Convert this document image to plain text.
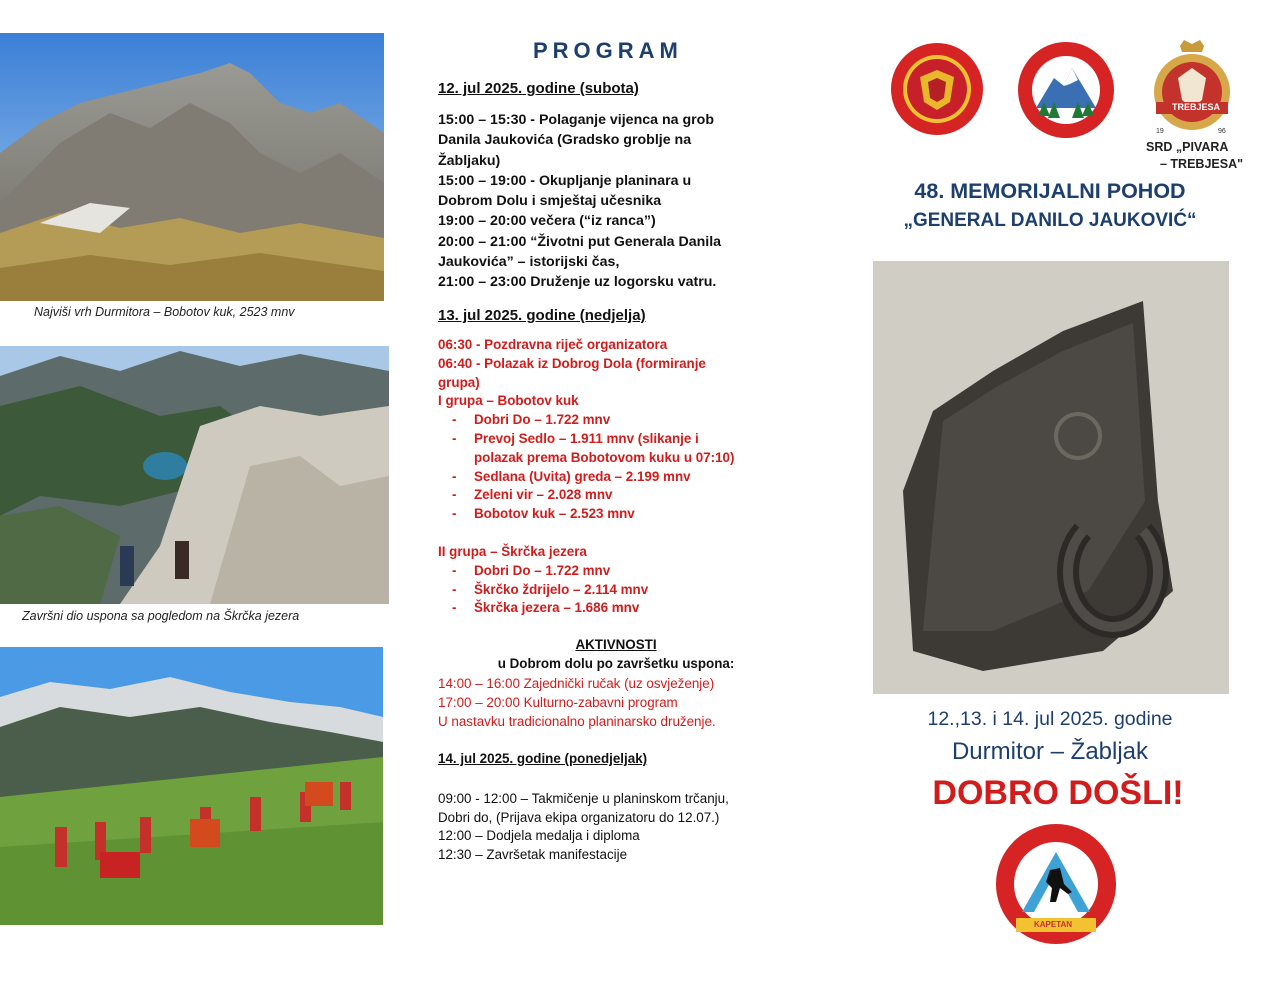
Najviši vrh Durmitora – Bobotov kuk, 2523 mnv
Završni dio uspona sa pogledom na Škrčka jezera
PROGRAM
12. jul 2025. godine (subota)
15:00 – 15:30 - Polaganje vijenca na grob
Danila Jaukovića (Gradsko groblje na
Žabljaku)
15:00 – 19:00 - Okupljanje planinara u
Dobrom Dolu i smještaj učesnika
19:00 – 20:00 večera (“iz ranca”)
20:00 – 21:00 “Životni put Generala Danila
Jaukovića” – istorijski čas,
21:00 – 23:00 Druženje uz logorsku vatru.
13. jul 2025. godine (nedjelja)
06:30 - Pozdravna riječ organizatora
06:40 - Polazak iz Dobrog Dola (formiranje
grupa)
I grupa – Bobotov kuk
- Dobri Do – 1.722 mnv
- Prevoj Sedlo – 1.911 mnv (slikanje i
polazak prema Bobotovom kuku u 07:10)
- Sedlana (Uvita) greda – 2.199 mnv
- Zeleni vir – 2.028 mnv
- Bobotov kuk – 2.523 mnv
II grupa – Škrčka jezera
- Dobri Do – 1.722 mnv
- Škrčko ždrijelo – 2.114 mnv
- Škrčka jezera – 1.686 mnv
AKTIVNOSTI
u Dobrom dolu po završetku uspona:
14:00 – 16:00 Zajednički ručak (uz osvježenje)
17:00 – 20:00 Kulturno-zabavni program
U nastavku tradicionalno planinarsko druženje.
14. jul 2025. godine (ponedjeljak)
09:00 - 12:00 – Takmičenje u planinskom trčanju,
Dobri do, (Prijava ekipa organizatoru do 12.07.)
12:00 – Dodjela medalja i diploma
12:30 – Završetak manifestacije
TREBJESA
19	96
SRD „PIVARA
– TREBJESA"
48. MEMORIJALNI POHOD
„GENERAL DANILO JAUKOVIĆ“
12.,13. i 14. jul 2025. godine
Durmitor – Žabljak
DOBRO DOŠLI!
KAPETAN
